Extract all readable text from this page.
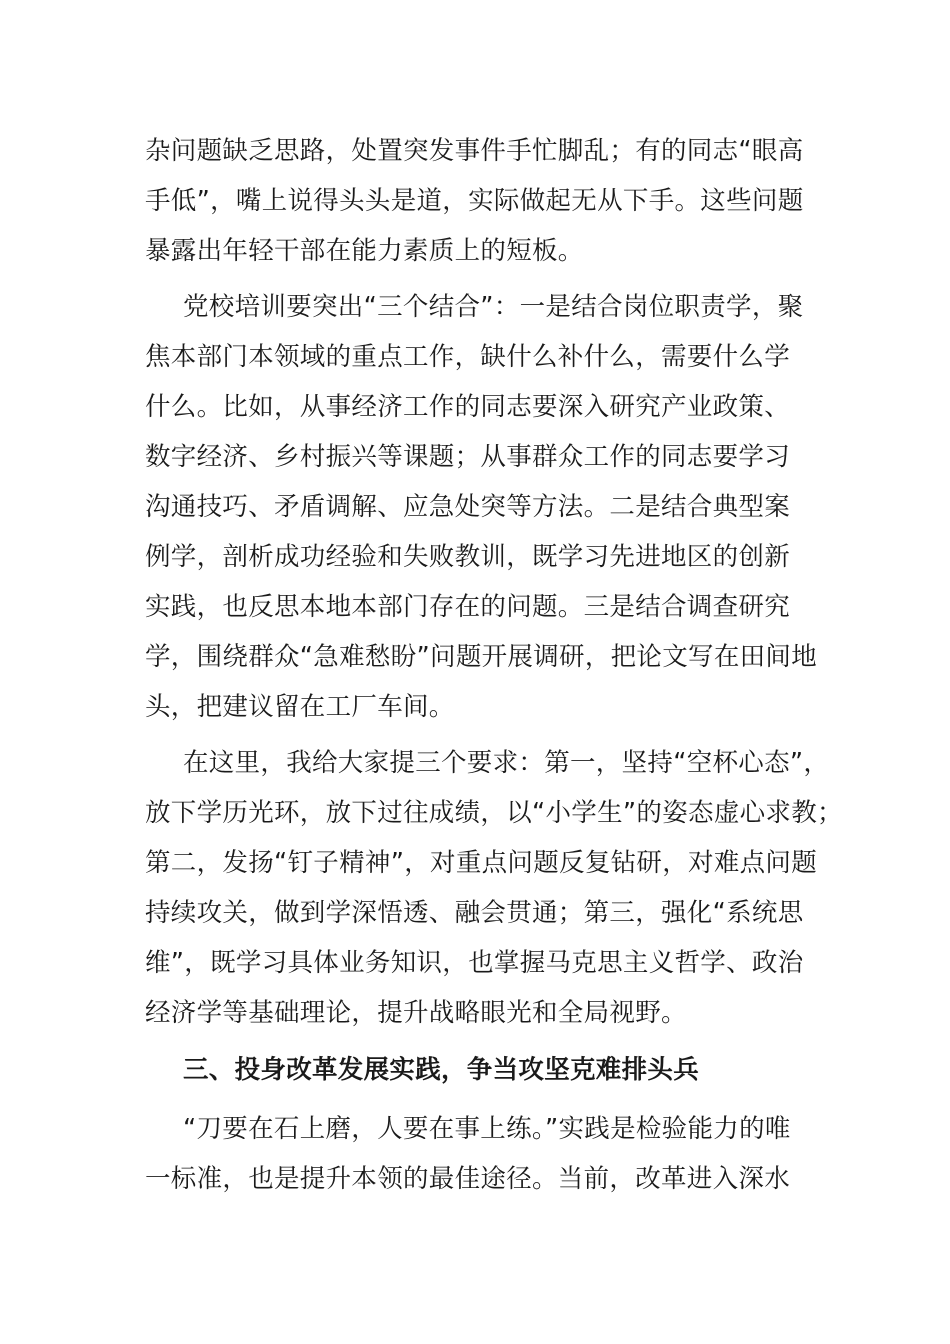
杂问题缺乏思路，处置突发事件手忙脚乱；有的同志“眼高

手低”，嘴上说得头头是道，实际做起无从下手。这些问题

暴露出年轻干部在能力素质上的短板。

党校培训要突出“三个结合”：一是结合岗位职责学，聚

焦本部门本领域的重点工作，缺什么补什么，需要什么学

什么。比如，从事经济工作的同志要深入研究产业政策、

数字经济、乡村振兴等课题；从事群众工作的同志要学习

沟通技巧、矛盾调解、应急处突等方法。二是结合典型案

例学，剖析成功经验和失败教训，既学习先进地区的创新

实践，也反思本地本部门存在的问题。三是结合调查研究

学，围绕群众“急难愁盼”问题开展调研，把论文写在田间地

头，把建议留在工厂车间。

在这里，我给大家提三个要求：第一，坚持“空杯心态”，

放下学历光环，放下过往成绩，以“小学生”的姿态虚心求教；

第二，发扬“钉子精神”，对重点问题反复钻研，对难点问题

持续攻关，做到学深悟透、融会贯通；第三，强化“系统思

维”，既学习具体业务知识，也掌握马克思主义哲学、政治

经济学等基础理论，提升战略眼光和全局视野。

三、投身改革发展实践，争当攻坚克难排头兵

“刀要在石上磨，人要在事上练。”实践是检验能力的唯

一标准，也是提升本领的最佳途径。当前，改革进入深水
